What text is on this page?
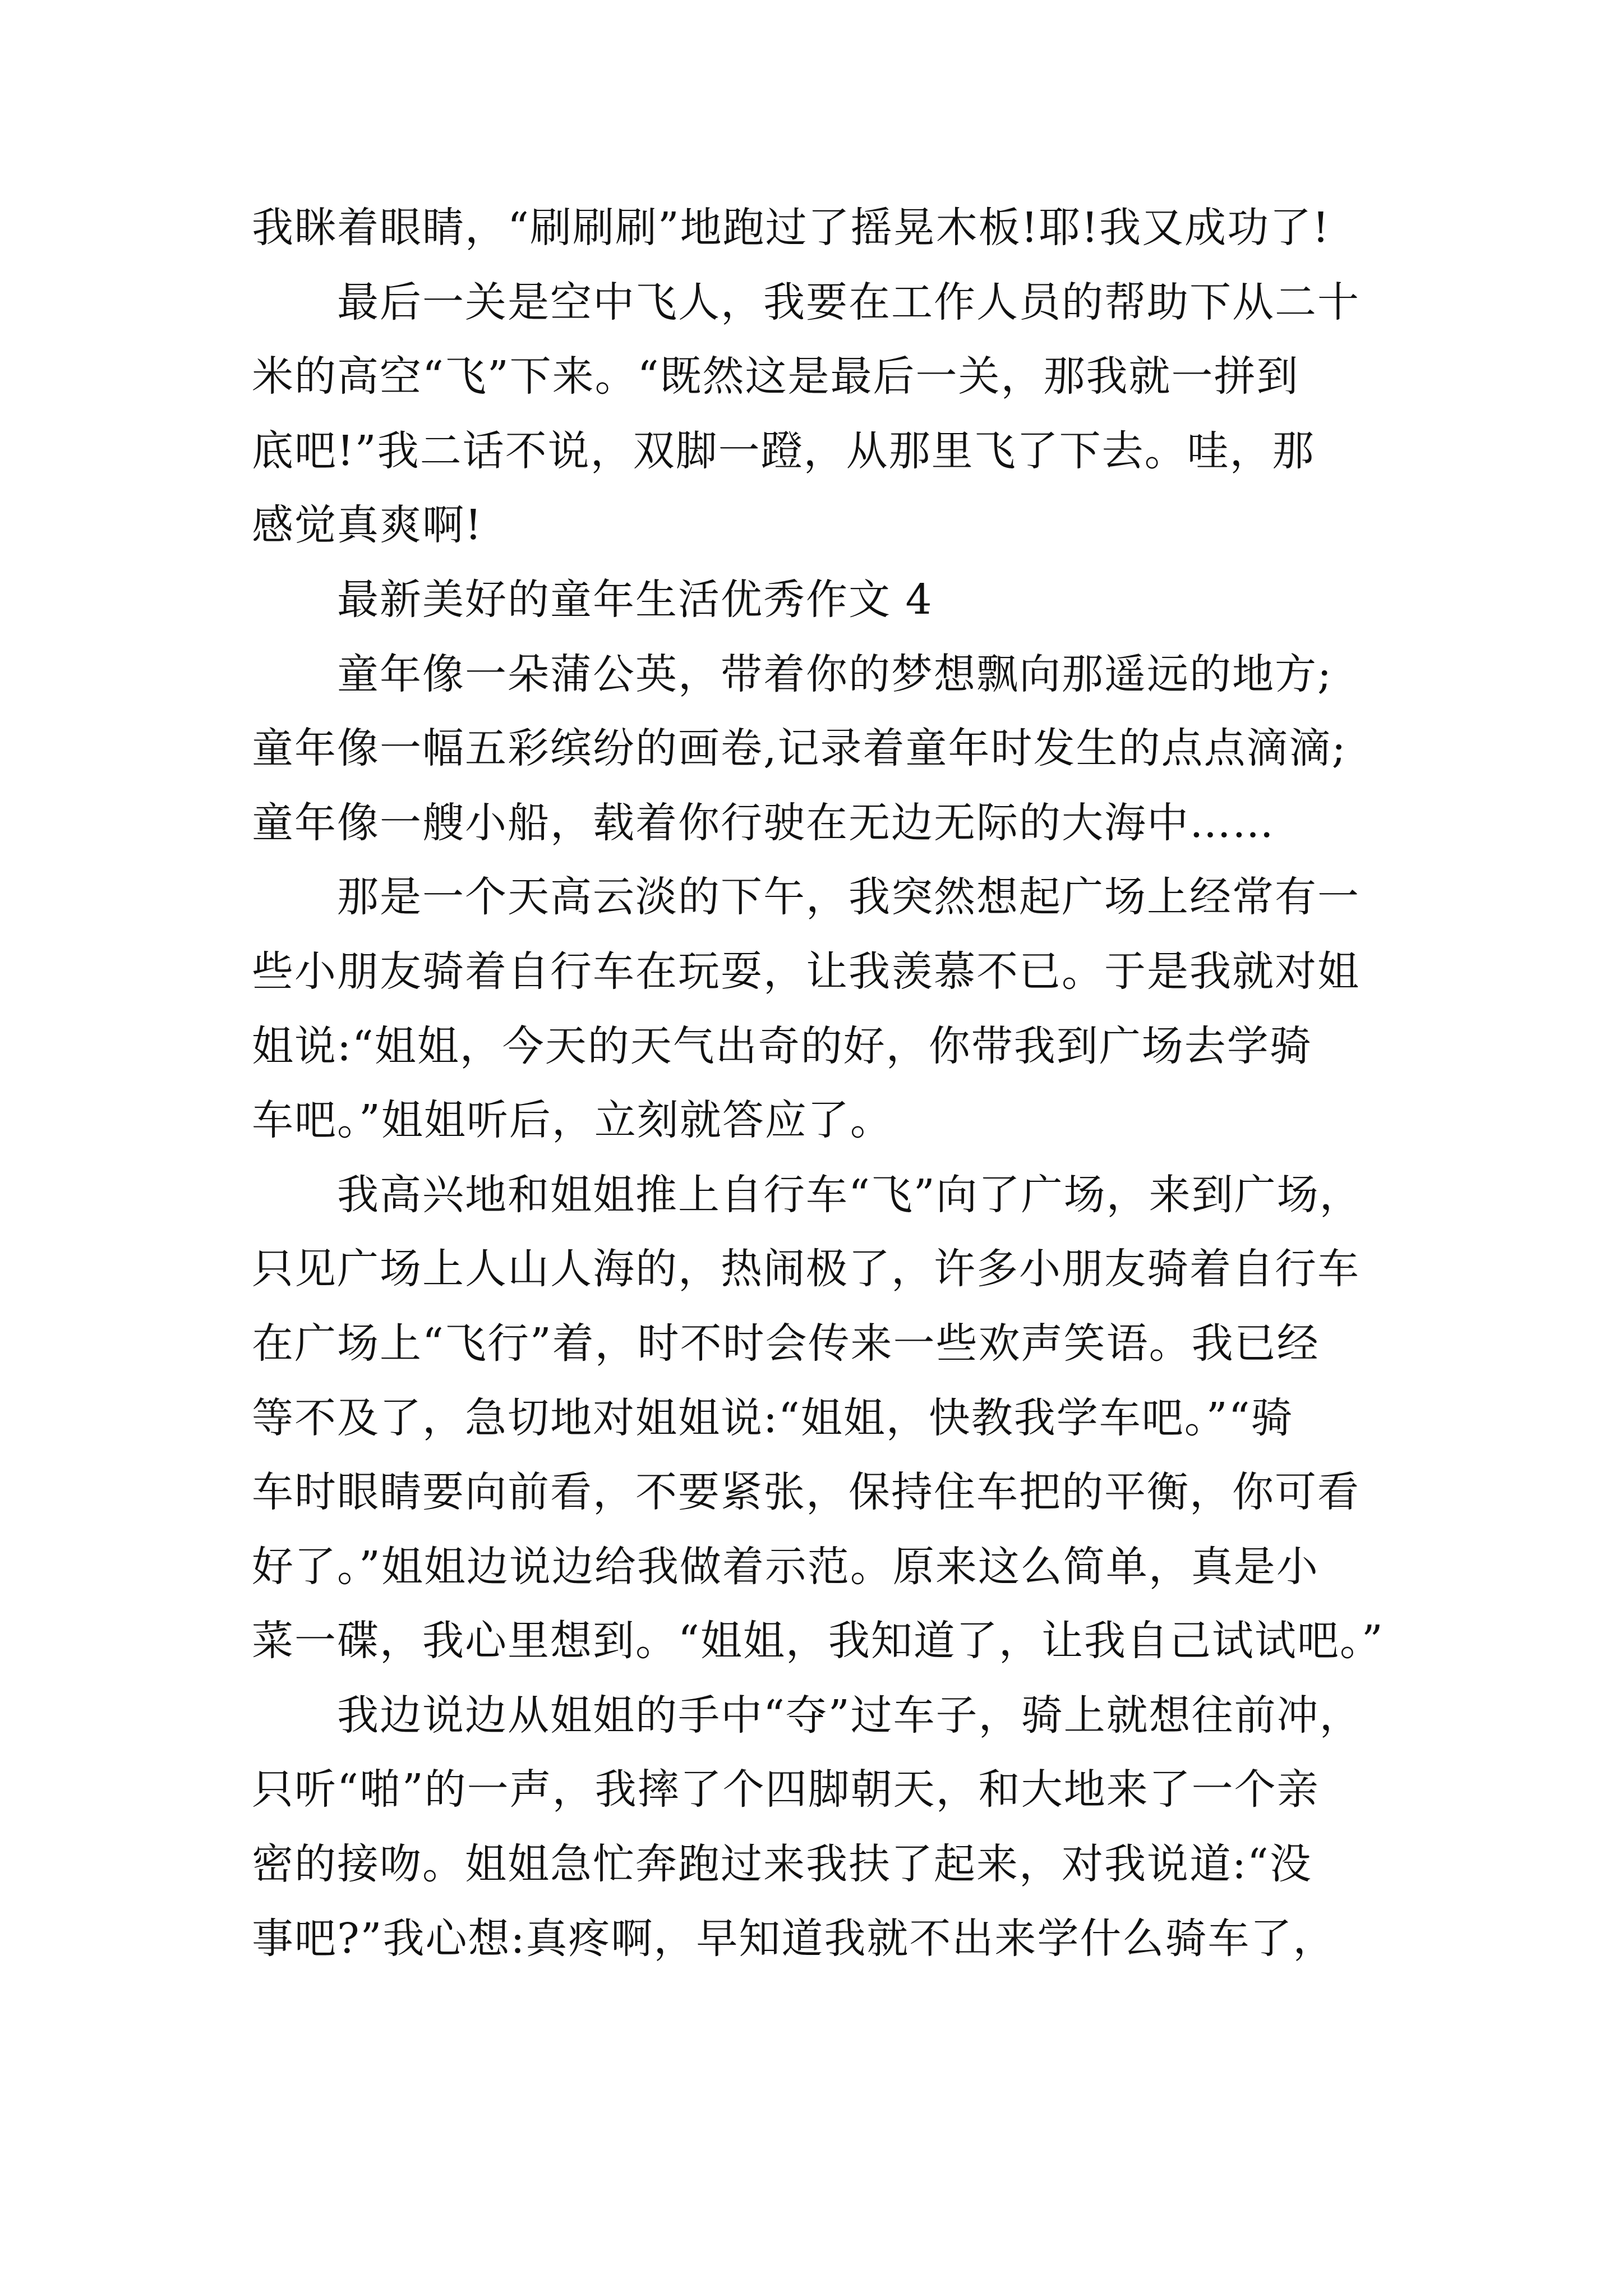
我眯着眼睛，“刷刷刷”地跑过了摇晃木板!耶!我又成功了!
最后一关是空中飞人，我要在工作人员的帮助下从二十
米的高空“飞”下来。“既然这是最后一关，那我就一拼到
底吧!”我二话不说，双脚一蹬，从那里飞了下去。哇，那
感觉真爽啊!
最新美好的童年生活优秀作文 4
童年像一朵蒲公英，带着你的梦想飘向那遥远的地方;
童年像一幅五彩缤纷的画卷,记录着童年时发生的点点滴滴;
童年像一艘小船，载着你行驶在无边无际的大海中……
那是一个天高云淡的下午，我突然想起广场上经常有一
些小朋友骑着自行车在玩耍，让我羡慕不已。于是我就对姐
姐说:“姐姐，今天的天气出奇的好，你带我到广场去学骑
车吧。”姐姐听后，立刻就答应了。
我高兴地和姐姐推上自行车“飞”向了广场，来到广场，
只见广场上人山人海的，热闹极了，许多小朋友骑着自行车
在广场上“飞行”着，时不时会传来一些欢声笑语。我已经
等不及了，急切地对姐姐说:“姐姐，快教我学车吧。”“骑
车时眼睛要向前看，不要紧张，保持住车把的平衡，你可看
好了。”姐姐边说边给我做着示范。原来这么简单，真是小
菜一碟，我心里想到。“姐姐，我知道了，让我自己试试吧。”
我边说边从姐姐的手中“夺”过车子，骑上就想往前冲，
只听“啪”的一声，我摔了个四脚朝天，和大地来了一个亲
密的接吻。姐姐急忙奔跑过来我扶了起来，对我说道:“没
事吧?”我心想:真疼啊，早知道我就不出来学什么骑车了，
